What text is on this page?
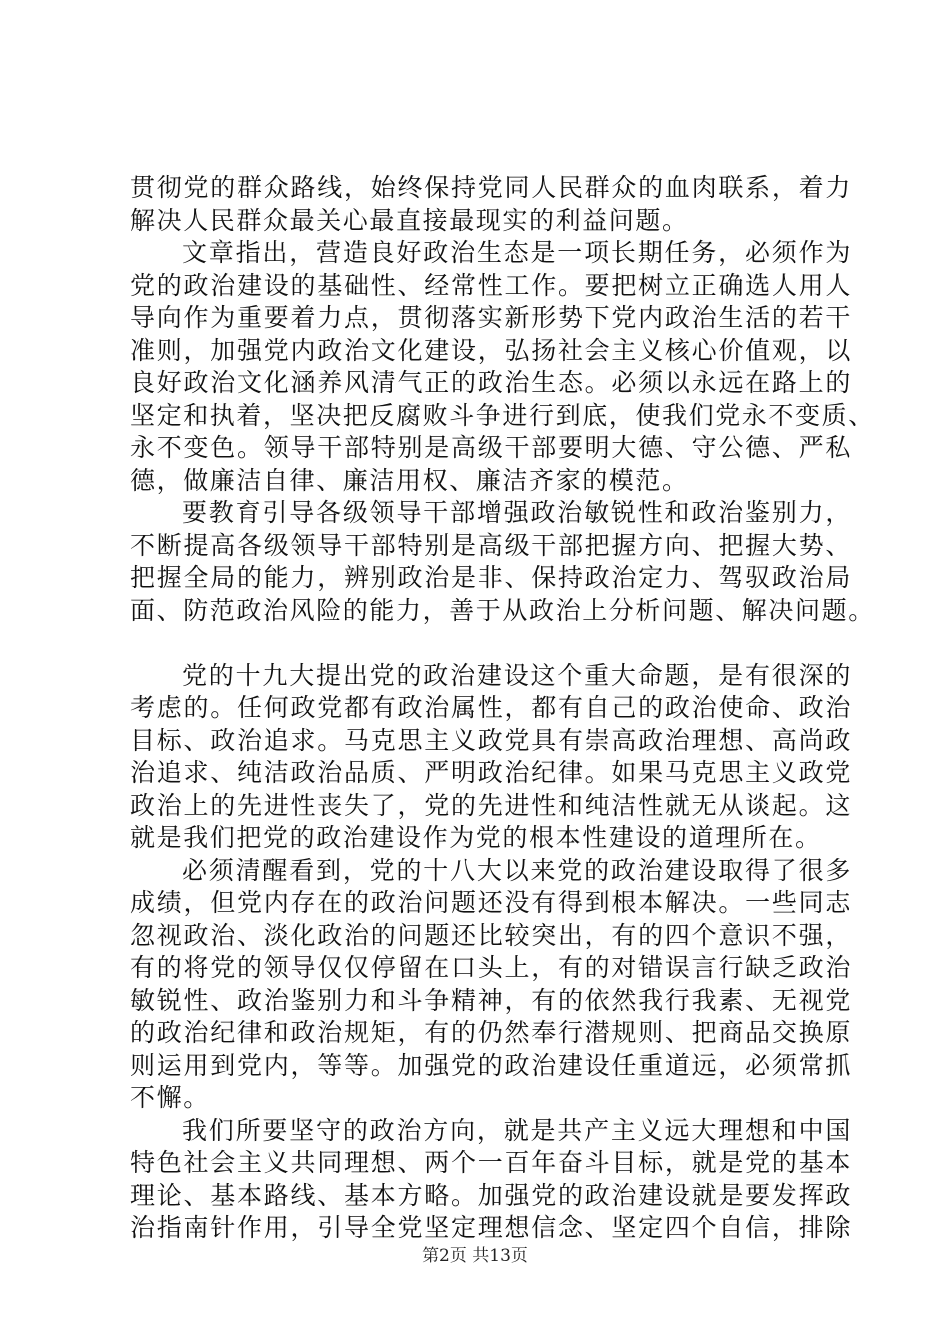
贯彻党的群众路线，始终保持党同人民群众的血肉联系，着力
解决人民群众最关心最直接最现实的利益问题。
文章指出，营造良好政治生态是一项长期任务，必须作为
党的政治建设的基础性、经常性工作。要把树立正确选人用人
导向作为重要着力点，贯彻落实新形势下党内政治生活的若干
准则，加强党内政治文化建设，弘扬社会主义核心价值观，以
良好政治文化涵养风清气正的政治生态。必须以永远在路上的
坚定和执着，坚决把反腐败斗争进行到底，使我们党永不变质、
永不变色。领导干部特别是高级干部要明大德、守公德、严私
德，做廉洁自律、廉洁用权、廉洁齐家的模范。
要教育引导各级领导干部增强政治敏锐性和政治鉴别力，
不断提高各级领导干部特别是高级干部把握方向、把握大势、
把握全局的能力，辨别政治是非、保持政治定力、驾驭政治局
面、防范政治风险的能力，善于从政治上分析问题、解决问题。
党的十九大提出党的政治建设这个重大命题，是有很深的
考虑的。任何政党都有政治属性，都有自己的政治使命、政治
目标、政治追求。马克思主义政党具有崇高政治理想、高尚政
治追求、纯洁政治品质、严明政治纪律。如果马克思主义政党
政治上的先进性丧失了，党的先进性和纯洁性就无从谈起。这
就是我们把党的政治建设作为党的根本性建设的道理所在。
必须清醒看到，党的十八大以来党的政治建设取得了很多
成绩，但党内存在的政治问题还没有得到根本解决。一些同志
忽视政治、淡化政治的问题还比较突出，有的四个意识不强，
有的将党的领导仅仅停留在口头上，有的对错误言行缺乏政治
敏锐性、政治鉴别力和斗争精神，有的依然我行我素、无视党
的政治纪律和政治规矩，有的仍然奉行潜规则、把商品交换原
则运用到党内，等等。加强党的政治建设任重道远，必须常抓
不懈。
我们所要坚守的政治方向，就是共产主义远大理想和中国
特色社会主义共同理想、两个一百年奋斗目标，就是党的基本
理论、基本路线、基本方略。加强党的政治建设就是要发挥政
治指南针作用，引导全党坚定理想信念、坚定四个自信，排除
第2页 共13页
